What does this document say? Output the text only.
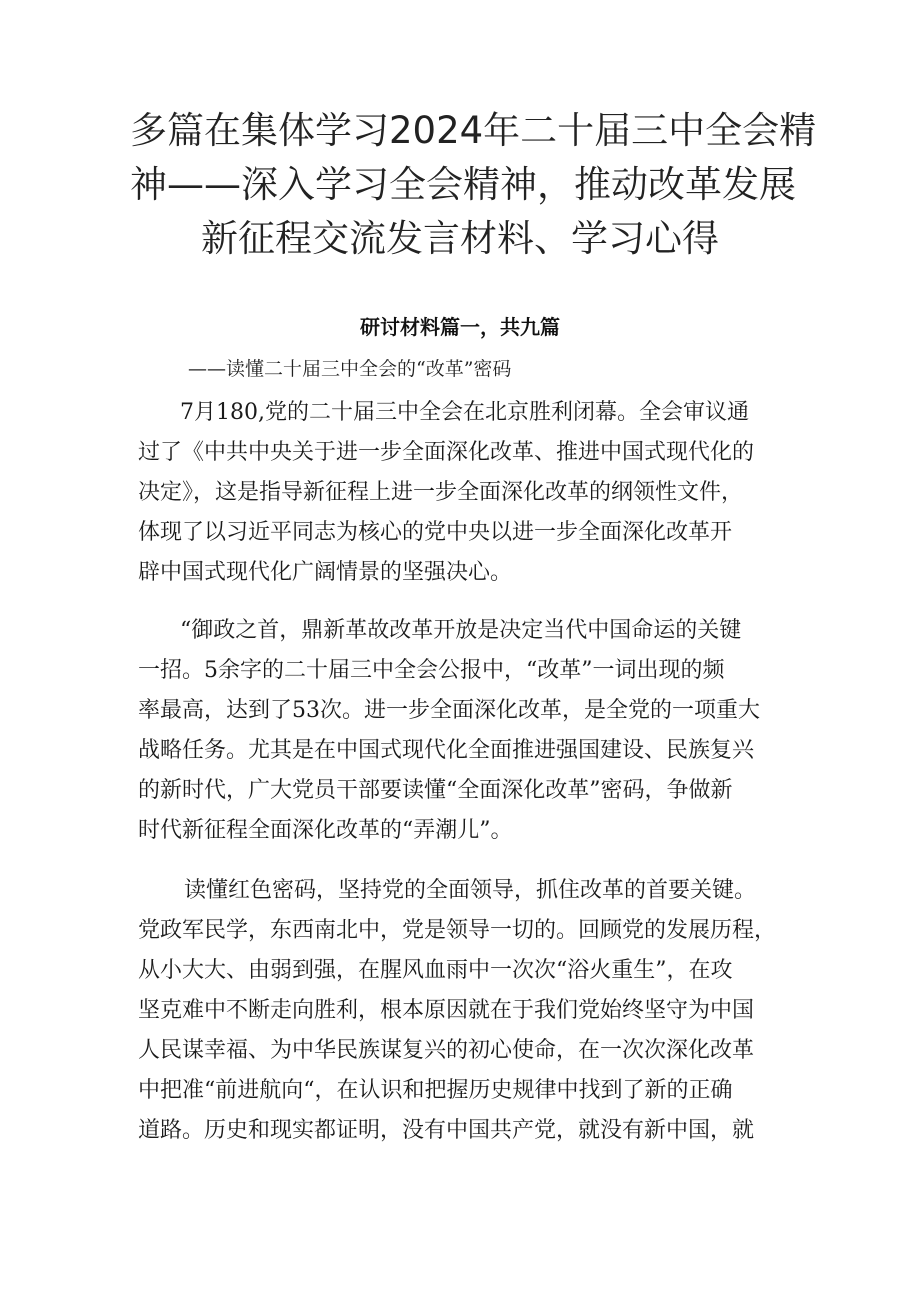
多篇在集体学习2024年二十届三中全会精
神——深入学习全会精神，推动改革发展
新征程交流发言材料、学习心得
研讨材料篇一，共九篇
——读懂二十届三中全会的“改革”密码
7月180,党的二十届三中全会在北京胜利闭幕。全会审议通
过了《中共中央关于进一步全面深化改革、推进中国式现代化的
决定》，这是指导新征程上进一步全面深化改革的纲领性文件，
体现了以习近平同志为核心的党中央以进一步全面深化改革开
辟中国式现代化广阔情景的坚强决心。
“御政之首，鼎新革故改革开放是决定当代中国命运的关键
一招。5余字的二十届三中全会公报中，“改革”一词出现的频
率最高，达到了53次。进一步全面深化改革，是全党的一项重大
战略任务。尤其是在中国式现代化全面推进强国建设、民族复兴
的新时代，广大党员干部要读懂“全面深化改革”密码，争做新
时代新征程全面深化改革的“弄潮儿”。
读懂红色密码，坚持党的全面领导，抓住改革的首要关键。
党政军民学，东西南北中，党是领导一切的。回顾党的发展历程，
从小大大、由弱到强，在腥风血雨中一次次“浴火重生”，在攻
坚克难中不断走向胜利，根本原因就在于我们党始终坚守为中国
人民谋幸福、为中华民族谋复兴的初心使命，在一次次深化改革
中把准“前进航向“，在认识和把握历史规律中找到了新的正确
道路。历史和现实都证明，没有中国共产党，就没有新中国，就
